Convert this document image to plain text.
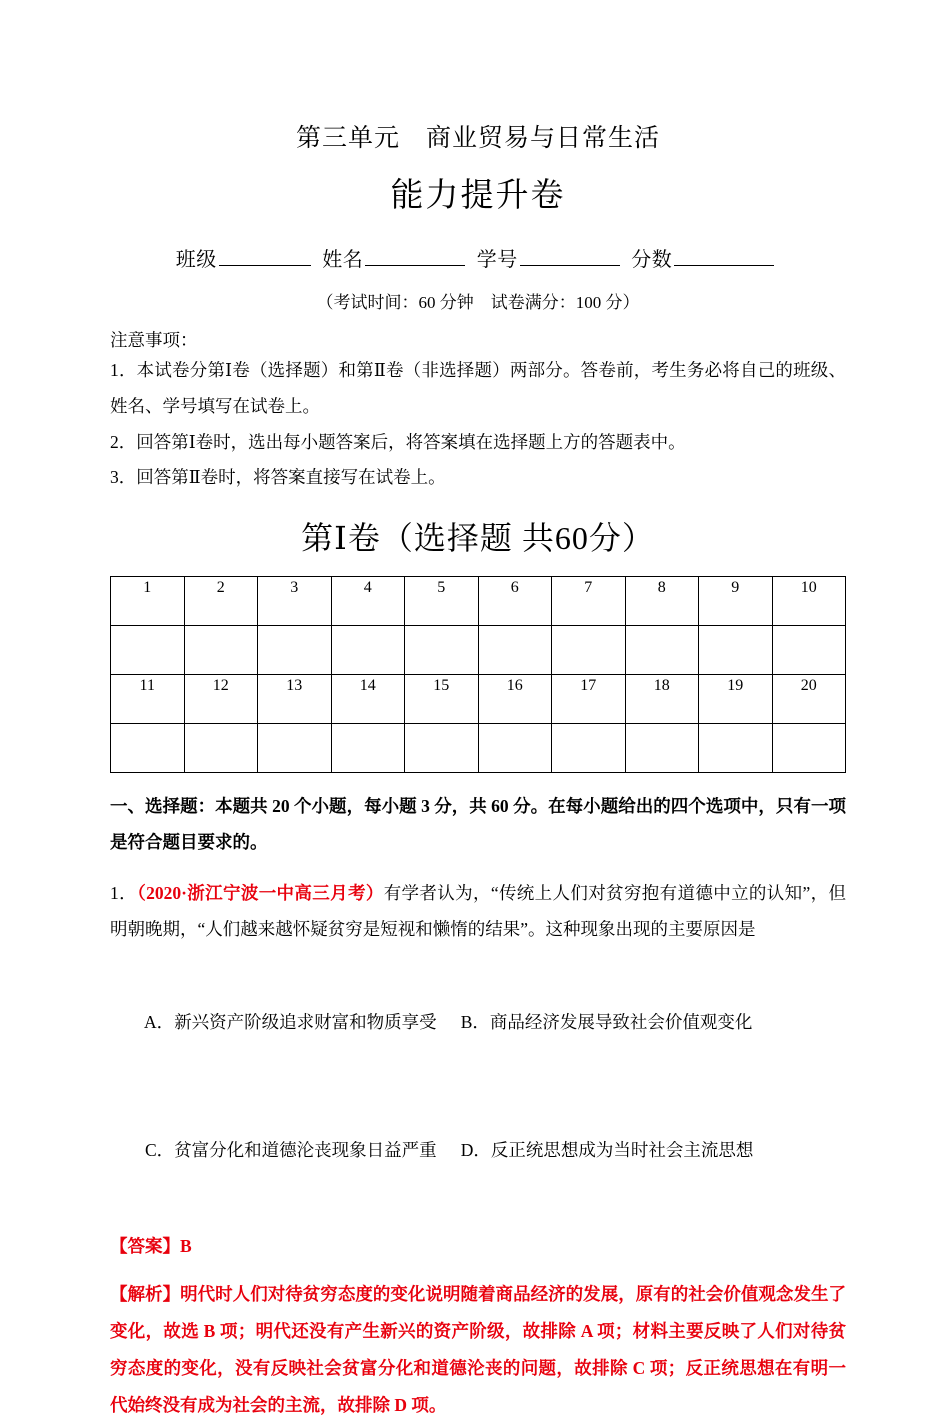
第三单元　商业贸易与日常生活
能力提升卷
班级	姓名	学号	分数
（考试时间：60 分钟　试卷满分：100 分）
注意事项：
1．本试卷分第Ⅰ卷（选择题）和第Ⅱ卷（非选择题）两部分。答卷前，考生务必将自己的班级、姓名、学号填写在试卷上。
2．回答第Ⅰ卷时，选出每小题答案后，将答案填在选择题上方的答题表中。
3．回答第Ⅱ卷时，将答案直接写在试卷上。
第Ⅰ卷（选择题 共60分）
1	2	3	4	5	6	7	8	9	10

11	12	13	14	15	16	17	18	19	20

一、选择题：本题共 20 个小题，每小题 3 分，共 60 分。在每小题给出的四个选项中，只有一项是符合题目要求的。
1．（2020·浙江宁波一中高三月考）有学者认为，“传统上人们对贫穷抱有道德中立的认知”，但明朝晚期，“人们越来越怀疑贫穷是短视和懒惰的结果”。这种现象出现的主要原因是

A．新兴资产阶级追求财富和物质享受 B．商品经济发展导致社会价值观变化

C．贫富分化和道德沦丧现象日益严重 D．反正统思想成为当时社会主流思想

【答案】B
【解析】明代时人们对待贫穷态度的变化说明随着商品经济的发展，原有的社会价值观念发生了变化，故选 B 项；明代还没有产生新兴的资产阶级，故排除 A 项；材料主要反映了人们对待贫穷态度的变化，没有反映社会贫富分化和道德沦丧的问题，故排除 C 项；反正统思想在有明一代始终没有成为社会的主流，故排除 D 项。
